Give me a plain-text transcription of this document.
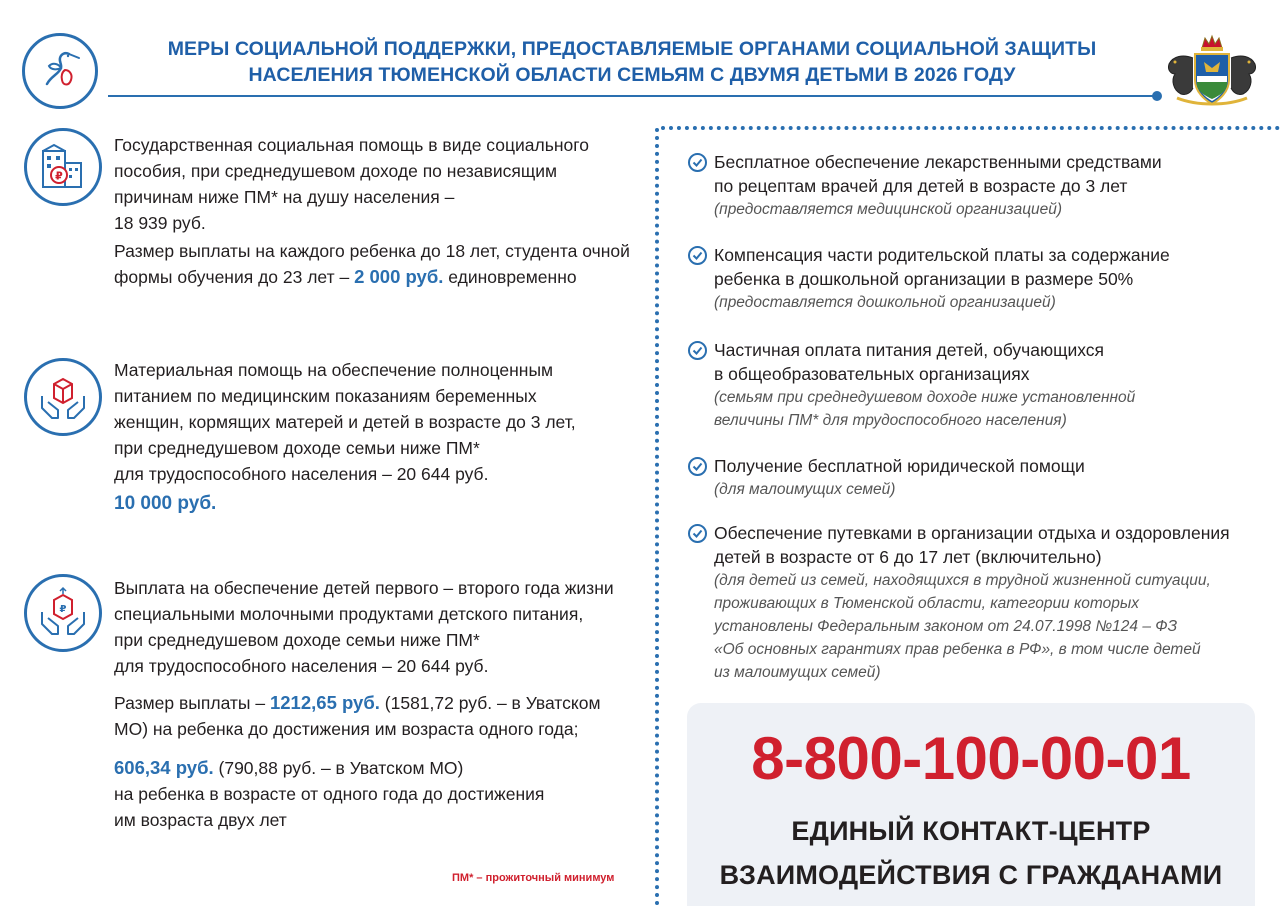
МЕРЫ СОЦИАЛЬНОЙ ПОДДЕРЖКИ, ПРЕДОСТАВЛЯЕМЫЕ ОРГАНАМИ СОЦИАЛЬНОЙ ЗАЩИТЫ
НАСЕЛЕНИЯ ТЮМЕНСКОЙ ОБЛАСТИ СЕМЬЯМ С ДВУМЯ ДЕТЬМИ В 2026 ГОДУ
₽

Государственная социальная помощь в виде социального

пособия, при среднедушевом доходе по независящим

причинам ниже ПМ* на душу населения –

18 939 руб.

Размер выплаты на каждого ребенка до 18 лет, студента очной

формы обучения до 23 лет – 2 000 руб. единовременно

Материальная помощь на обеспечение полноценным

питанием по медицинским показаниям беременных

женщин, кормящих матерей и детей в возрасте до 3 лет,

при среднедушевом доходе семьи ниже ПМ*

для трудоспособного населения – 20 644 руб.

10 000 руб.
₽

Выплата на обеспечение детей первого – второго года жизни

специальными молочными продуктами детского питания,

при среднедушевом доходе семьи ниже ПМ*

для трудоспособного населения – 20 644 руб.

Размер выплаты – 1212,65 руб. (1581,72 руб. – в Уватском

МО) на ребенка до достижения им возраста одного года;

606,34 руб. (790,88 руб. – в Уватском МО)

на ребенка в возрасте от одного года до достижения

им возраста двух лет

ПМ* – прожиточный минимум
Бесплатное обеспечение лекарственными средствами
по рецептам врачей для детей в возрасте до 3 лет
(предоставляется медицинской организацией)
Компенсация части родительской платы за содержание
ребенка в дошкольной организации в размере 50%
(предоставляется дошкольной организацией)
Частичная оплата питания детей, обучающихся
в общеобразовательных организациях
(семьям при среднедушевом доходе ниже установленной
величины ПМ* для трудоспособного населения)
Получение бесплатной юридической помощи
(для малоимущих семей)
Обеспечение путевками в организации отдыха и оздоровления
детей в возрасте от 6 до 17 лет (включительно)
(для детей из семей, находящихся в трудной жизненной ситуации,
проживающих в Тюменской области, категории которых
установлены Федеральным законом от 24.07.1998 №124 – ФЗ
«Об основных гарантиях прав ребенка в РФ», в том числе детей
из малоимущих семей)
8-800-100-00-01
ЕДИНЫЙ КОНТАКТ-ЦЕНТР
ВЗАИМОДЕЙСТВИЯ С ГРАЖДАНАМИ
